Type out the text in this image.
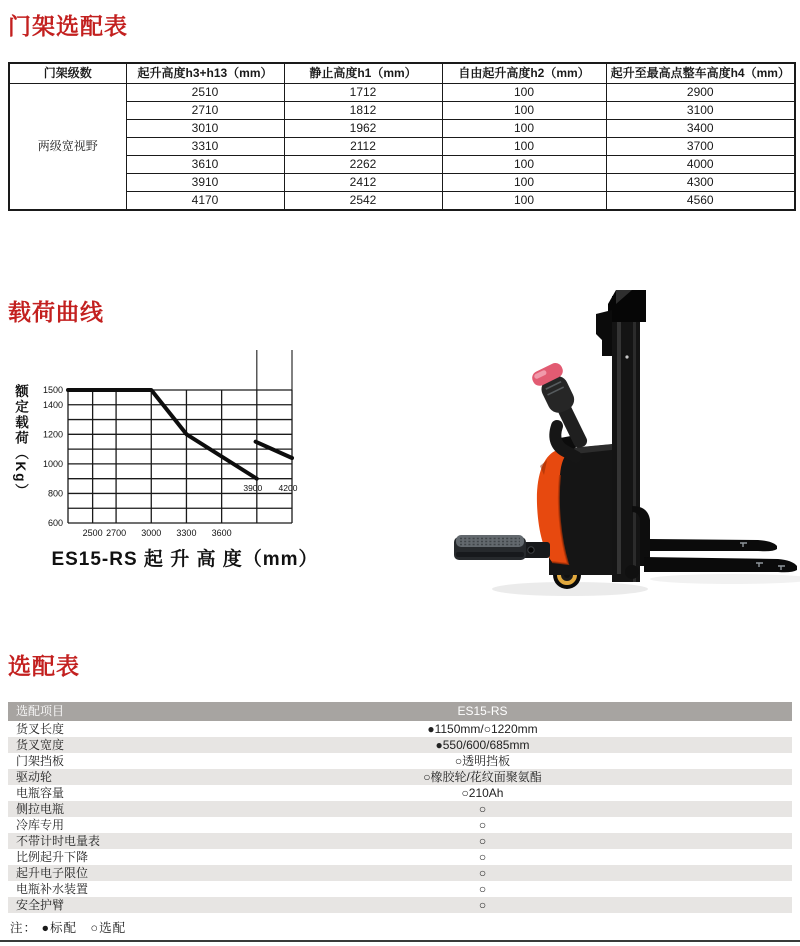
门架选配表
门架级数	起升高度h3+h13（mm）	静止高度h1（mm）	自由起升高度h2（mm）	起升至最高点整车高度h4（mm）
两级宽视野	2510	1712	100	2900
	2710	1812	100	3100
	3010	1962	100	3400
	3310	2112	100	3700
	3610	2262	100	4000
	3910	2412	100	4300
	4170	2542	100	4560
载荷曲线
额定载荷（Kg）
600
800
1000
1200
1400
1500
2500 2700 3000 3300 3600
3900 4200
ES15-RS 起 升 高 度（mm）
选配表
选配项目	ES15-RS
货叉长度	●1150mm/○1220mm
货叉宽度	●550/600/685mm
门架挡板	○透明挡板
驱动轮	○橡胶轮/花纹面聚氨酯
电瓶容量	○210Ah
侧拉电瓶	○
冷库专用	○
不带计时电量表	○
比例起升下降	○
起升电子限位	○
电瓶补水装置	○
安全护臂	○
注： ●标配　○选配
